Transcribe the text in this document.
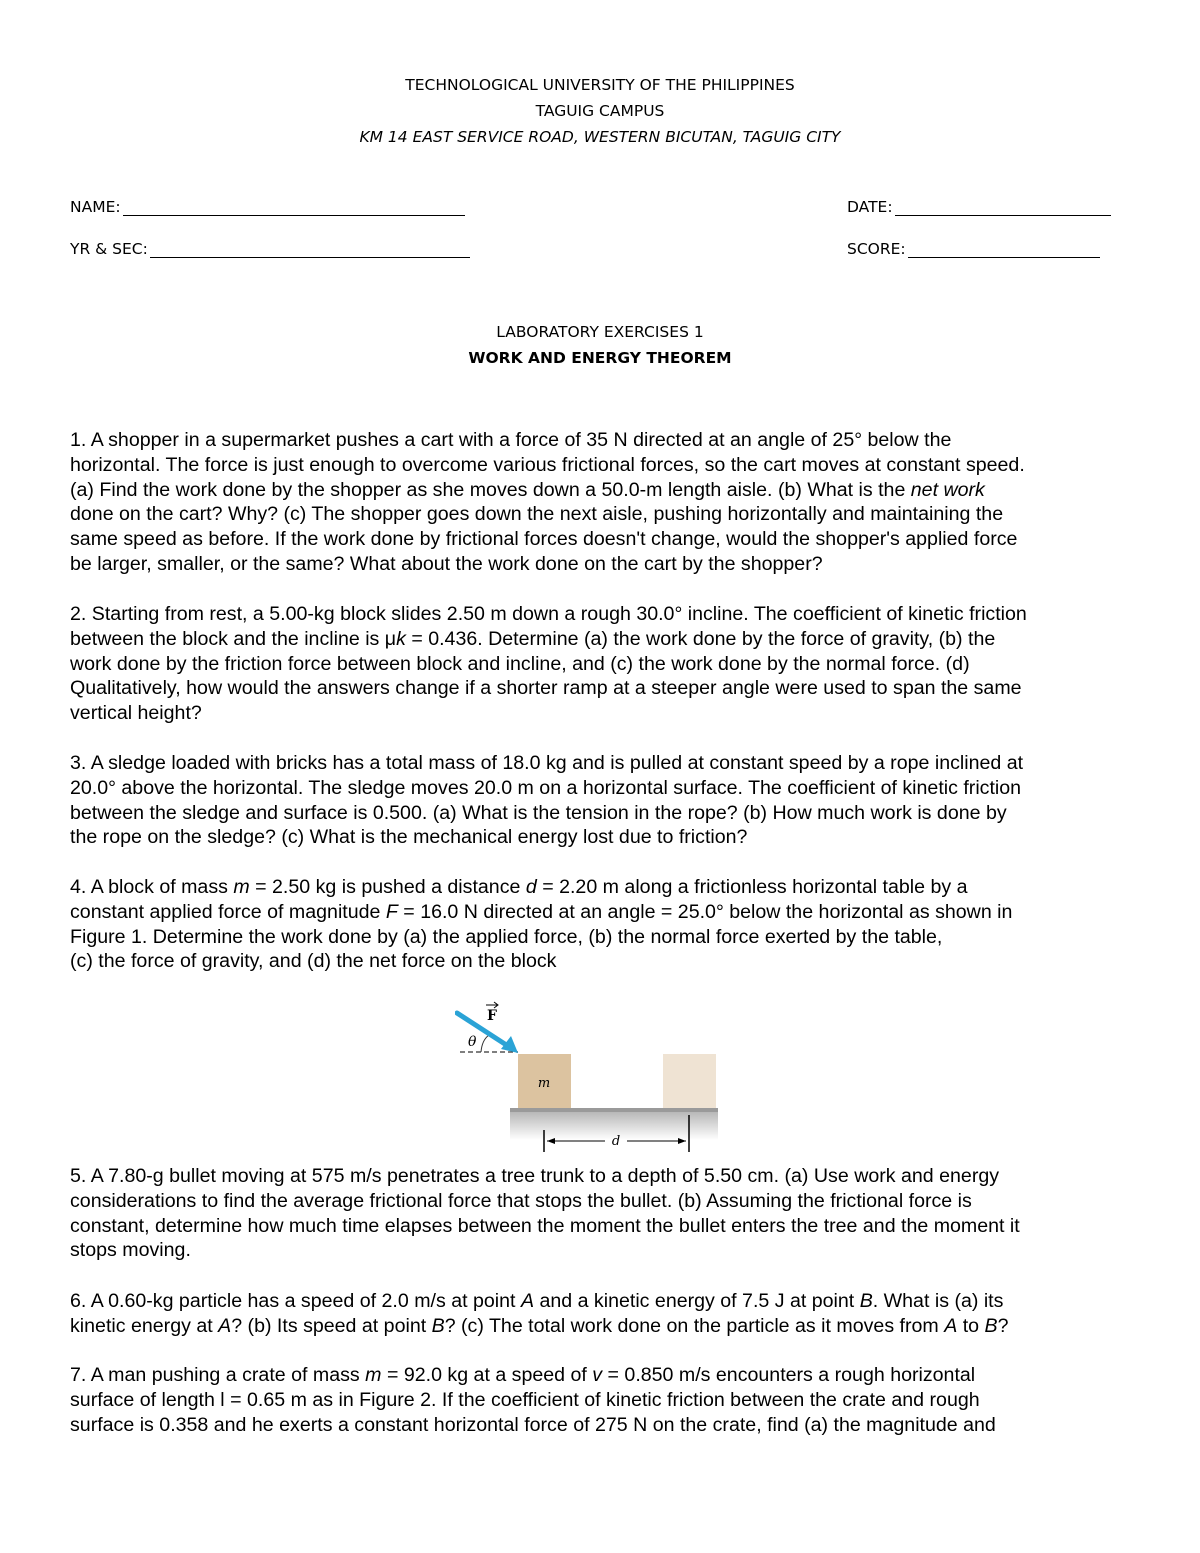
TECHNOLOGICAL UNIVERSITY OF THE PHILIPPINES
TAGUIG CAMPUS
KM 14 EAST SERVICE ROAD, WESTERN BICUTAN, TAGUIG CITY
NAME:	DATE:
YR & SEC:	SCORE:
LABORATORY EXERCISES 1
WORK AND ENERGY THEOREM
1. A shopper in a supermarket pushes a cart with a force of 35 N directed at an angle of 25° below the
horizontal. The force is just enough to overcome various frictional forces, so the cart moves at constant speed.
(a) Find the work done by the shopper as she moves down a 50.0-m length aisle. (b) What is the net work
done on the cart? Why? (c) The shopper goes down the next aisle, pushing horizontally and maintaining the
same speed as before. If the work done by frictional forces doesn't change, would the shopper's applied force
be larger, smaller, or the same? What about the work done on the cart by the shopper?
2. Starting from rest, a 5.00-kg block slides 2.50 m down a rough 30.0° incline. The coefficient of kinetic friction
between the block and the incline is μk = 0.436. Determine (a) the work done by the force of gravity, (b) the
work done by the friction force between block and incline, and (c) the work done by the normal force. (d)
Qualitatively, how would the answers change if a shorter ramp at a steeper angle were used to span the same
vertical height?
3. A sledge loaded with bricks has a total mass of 18.0 kg and is pulled at constant speed by a rope inclined at
20.0° above the horizontal. The sledge moves 20.0 m on a horizontal surface. The coefficient of kinetic friction
between the sledge and surface is 0.500. (a) What is the tension in the rope? (b) How much work is done by
the rope on the sledge? (c) What is the mechanical energy lost due to friction?
4. A block of mass m = 2.50 kg is pushed a distance d = 2.20 m along a frictionless horizontal table by a
constant applied force of magnitude F = 16.0 N directed at an angle = 25.0° below the horizontal as shown in
Figure 1. Determine the work done by (a) the applied force, (b) the normal force exerted by the table,
(c) the force of gravity, and (d) the net force on the block
m
θ
F
d
5. A 7.80-g bullet moving at 575 m/s penetrates a tree trunk to a depth of 5.50 cm. (a) Use work and energy
considerations to find the average frictional force that stops the bullet. (b) Assuming the frictional force is
constant, determine how much time elapses between the moment the bullet enters the tree and the moment it
stops moving.
6. A 0.60-kg particle has a speed of 2.0 m/s at point A and a kinetic energy of 7.5 J at point B. What is (a) its
kinetic energy at A? (b) Its speed at point B? (c) The total work done on the particle as it moves from A to B?
7. A man pushing a crate of mass m = 92.0 kg at a speed of v = 0.850 m/s encounters a rough horizontal
surface of length l = 0.65 m as in Figure 2. If the coefficient of kinetic friction between the crate and rough
surface is 0.358 and he exerts a constant horizontal force of 275 N on the crate, find (a) the magnitude and
